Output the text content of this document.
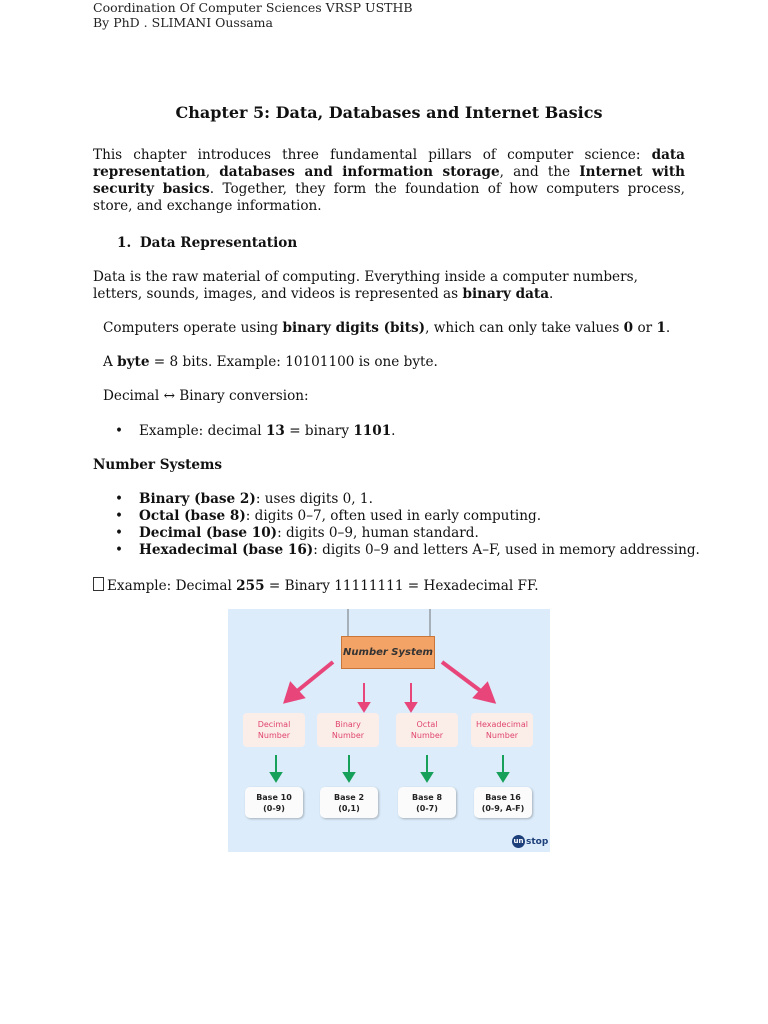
Coordination Of Computer Sciences VRSP USTHB
By PhD . SLIMANI Oussama
Chapter 5: Data, Databases and Internet Basics
This chapter introduces three fundamental pillars of computer science: data representation, databases and information storage, and the Internet with security basics. Together, they form the foundation of how computers process, store, and exchange information.
1. Data Representation
Data is the raw material of computing. Everything inside a computer numbers, letters, sounds, images, and videos is represented as binary data.
Computers operate using binary digits (bits), which can only take values 0 or 1.
A byte = 8 bits. Example: 10101100 is one byte.
Decimal ↔ Binary conversion:
• Example: decimal 13 = binary 1101.
Number Systems
• Binary (base 2): uses digits 0, 1.
• Octal (base 8): digits 0–7, often used in early computing.
• Decimal (base 10): digits 0–9, human standard.
• Hexadecimal (base 16): digits 0–9 and letters A–F, used in memory addressing.
Example: Decimal 255 = Binary 11111111 = Hexadecimal FF.
Number System
Decimal
Number
Binary
Number
Octal
Number
Hexadecimal
Number
Base 10
(0-9)
Base 2
(0,1)
Base 8
(0-7)
Base 16
(0-9, A-F)
un stop
